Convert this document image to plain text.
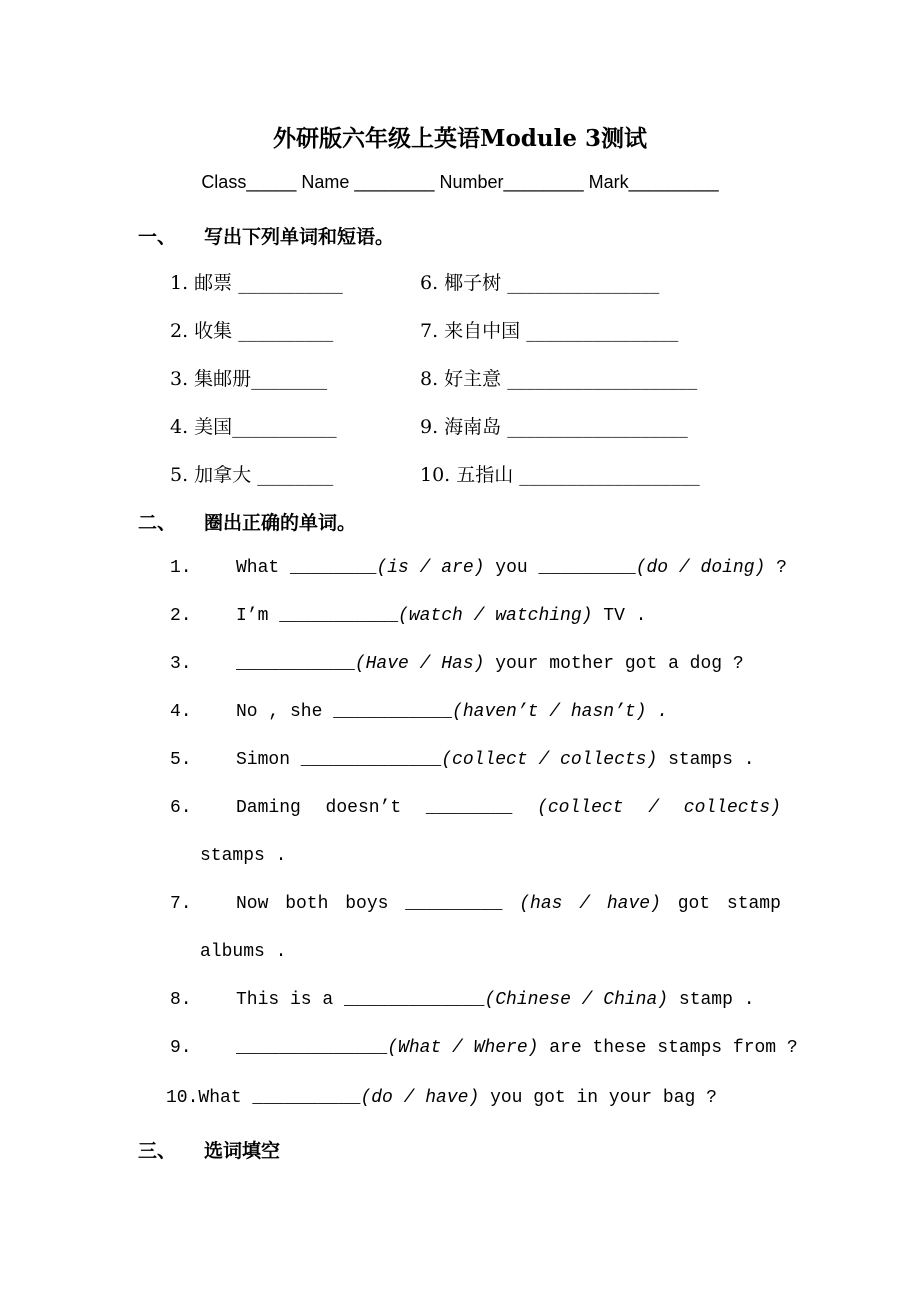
外研版六年级上英语Module 3测试
Class_____ Name ________ Number________ Mark_________
一、 写出下列单词和短语。
1. 邮票 ___________	6. 椰子树 ________________
2. 收集 __________	7. 来自中国 ________________
3. 集邮册________	8. 好主意 ____________________
4. 美国___________	9. 海南岛 ___________________
5. 加拿大 ________	10. 五指山 ___________________
二、 圈出正确的单词。
1. What ________(is / are) you _________(do / doing) ?
2. I’m ___________(watch / watching) TV .
3. ___________(Have / Has) your mother got a dog ?
4. No , she ___________(haven’t / hasn’t) .
5. Simon _____________(collect / collects) stamps .
6. Daming doesn’t ________ (collect / collects)
stamps .
7. Now both boys _________ (has / have) got stamp
albums .
8. This is a _____________(Chinese / China) stamp .
9. ______________(What / Where) are these stamps from ?
10.What __________(do / have) you got in your bag ?
三、 选词填空
